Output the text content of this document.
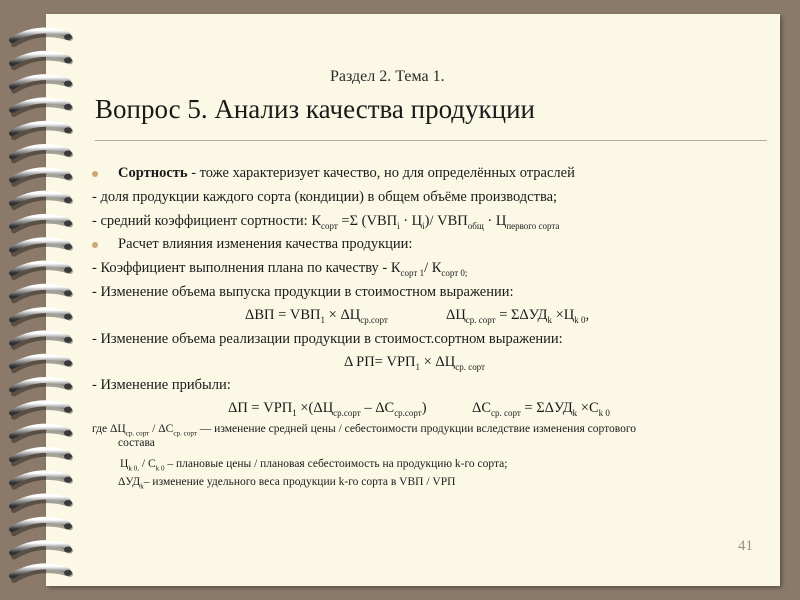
Раздел 2. Тема 1.
Вопрос 5. Анализ качества продукции
Сортность - тоже характеризует качество, но для определённых отраслей
- доля продукции каждого сорта (кондиции) в общем объёме производства;
- средний коэффициент сортности: $К_{сорт} =\Sigma$ $(VВП_i \cdot Ц_i)/$ $VВП_{общ} \cdot Ц_{первого сорта}$
Расчет влияния изменения качества продукции:
- Коэффициент выполнения плана по качеству - $К_{сорт 1}/$ $К_{сорт 0;}$
- Изменение объема выпуска продукции в стоимостном выражении:
$\Delta ВП = VВП_1 \times \Delta Ц_{ср.сорт}$	$\Delta Ц_{ср. сорт} = \Sigma\Delta УД_k \times Ц_{k 0}$,
- Изменение объема реализации продукции в стоимост.сортном выражении:
Δ $РП= VРП_1 \times \Delta Ц_{ср. сорт}$
- Изменение прибыли:
$\Delta П = VРП_1 \times(\Delta Ц_{ср.сорт} - \Delta С_{ср.сорт})$	$\Delta С_{ср. сорт} = \Sigma\Delta УД_k \times С_{k 0}$
где $\Delta Ц_{ср. сорт} / \Delta С_{ср. сорт}$ — изменение средней цены / себестоимости продукции вследствие изменения сортового
состава
$Ц_{k 0,} / С_{k 0}$ – плановые цены / плановая себестоимость на продукцию k-го сорта;
$\Delta УД_k-$ изменение удельного веса продукции k-го сорта в VВП / VРП
41
